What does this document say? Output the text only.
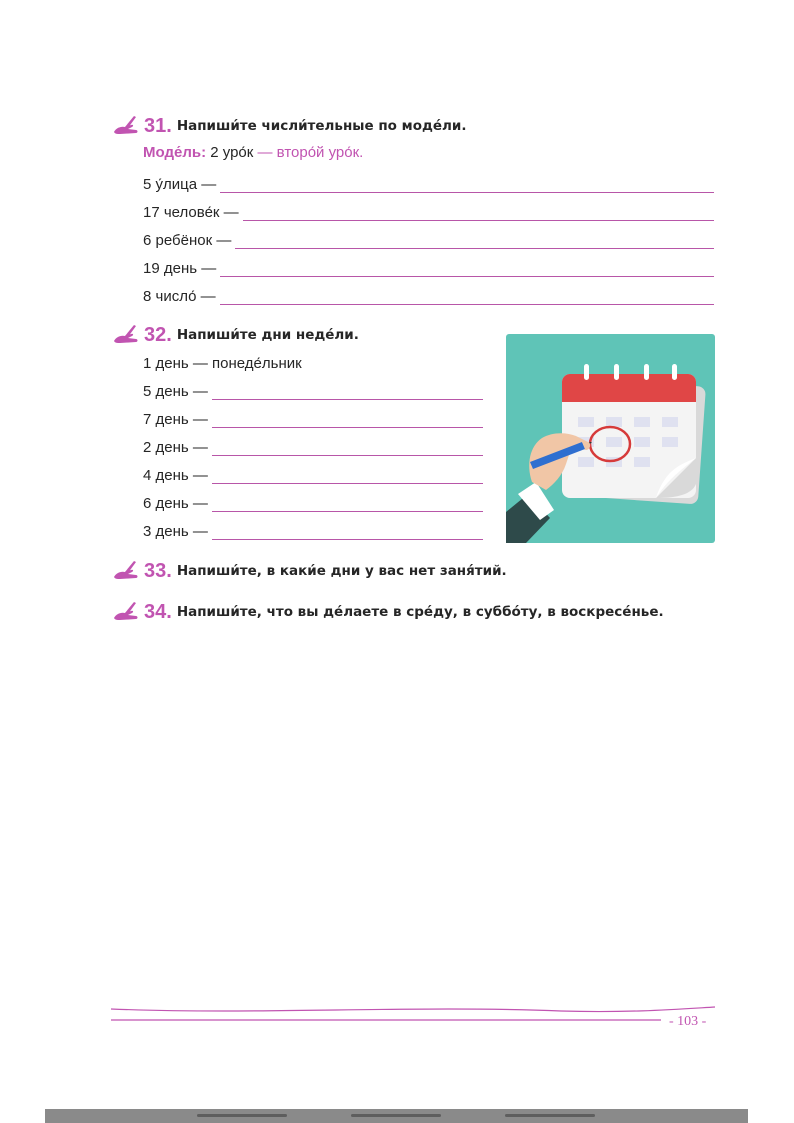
31. Напиши́те числи́тельные по моде́ли.
Моде́ль: 2 уро́к — второ́й уро́к.
5 у́лица —
17 челове́к —
6 ребёнок —
19 день —
8 число́ —
32. Напиши́те дни неде́ли.
1 день — понеде́льник
5 день —
7 день —
2 день —
4 день —
6 день —
3 день —
33. Напиши́те, в каки́е дни у вас нет заня́тий.
34. Напиши́те, что вы де́лаете в сре́ду, в суббо́ту, в воскресе́нье.
- 103 -
